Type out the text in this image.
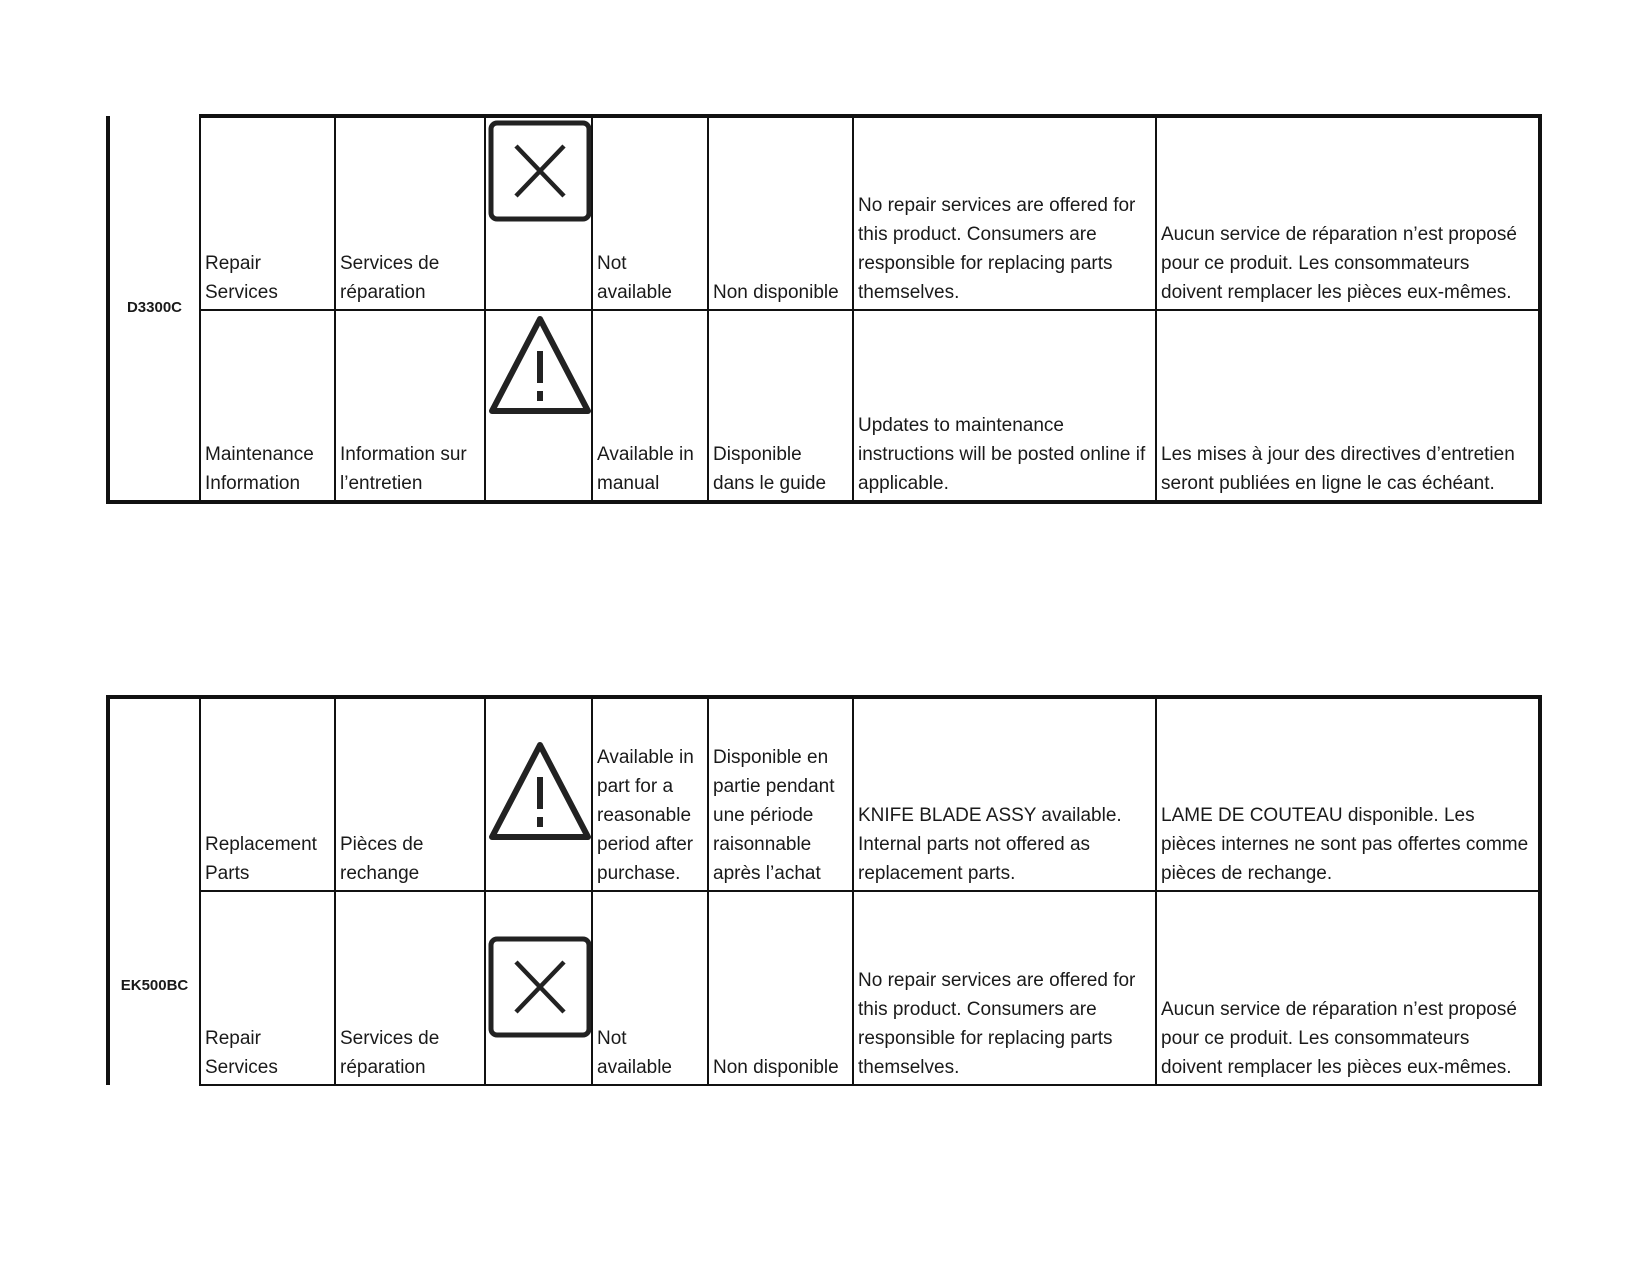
D3300C	Repair Services	Services de réparation		Not available	Non disponible	No repair services are offered for this product. Consumers are responsible for replacing parts themselves.	Aucun service de réparation n’est proposé pour ce produit. Les consommateurs doivent remplacer les pièces eux-mêmes.
	Maintenance Information	Information sur l’entretien		Available in manual	Disponible dans le guide	Updates to maintenance instructions will be posted online if applicable.	Les mises à jour des directives d’entretien seront publiées en ligne le cas échéant.
EK500BC	Replacement Parts	Pièces de rechange		Available in part for a reasonable period after purchase.	Disponible en partie pendant une période raisonnable après l’achat	KNIFE BLADE ASSY available. Internal parts not offered as replacement parts.	LAME DE COUTEAU disponible. Les pièces internes ne sont pas offertes comme pièces de rechange.
	Repair Services	Services de réparation		Not available	Non disponible	No repair services are offered for this product. Consumers are responsible for replacing parts themselves.	Aucun service de réparation n’est proposé pour ce produit. Les consommateurs doivent remplacer les pièces eux-mêmes.
